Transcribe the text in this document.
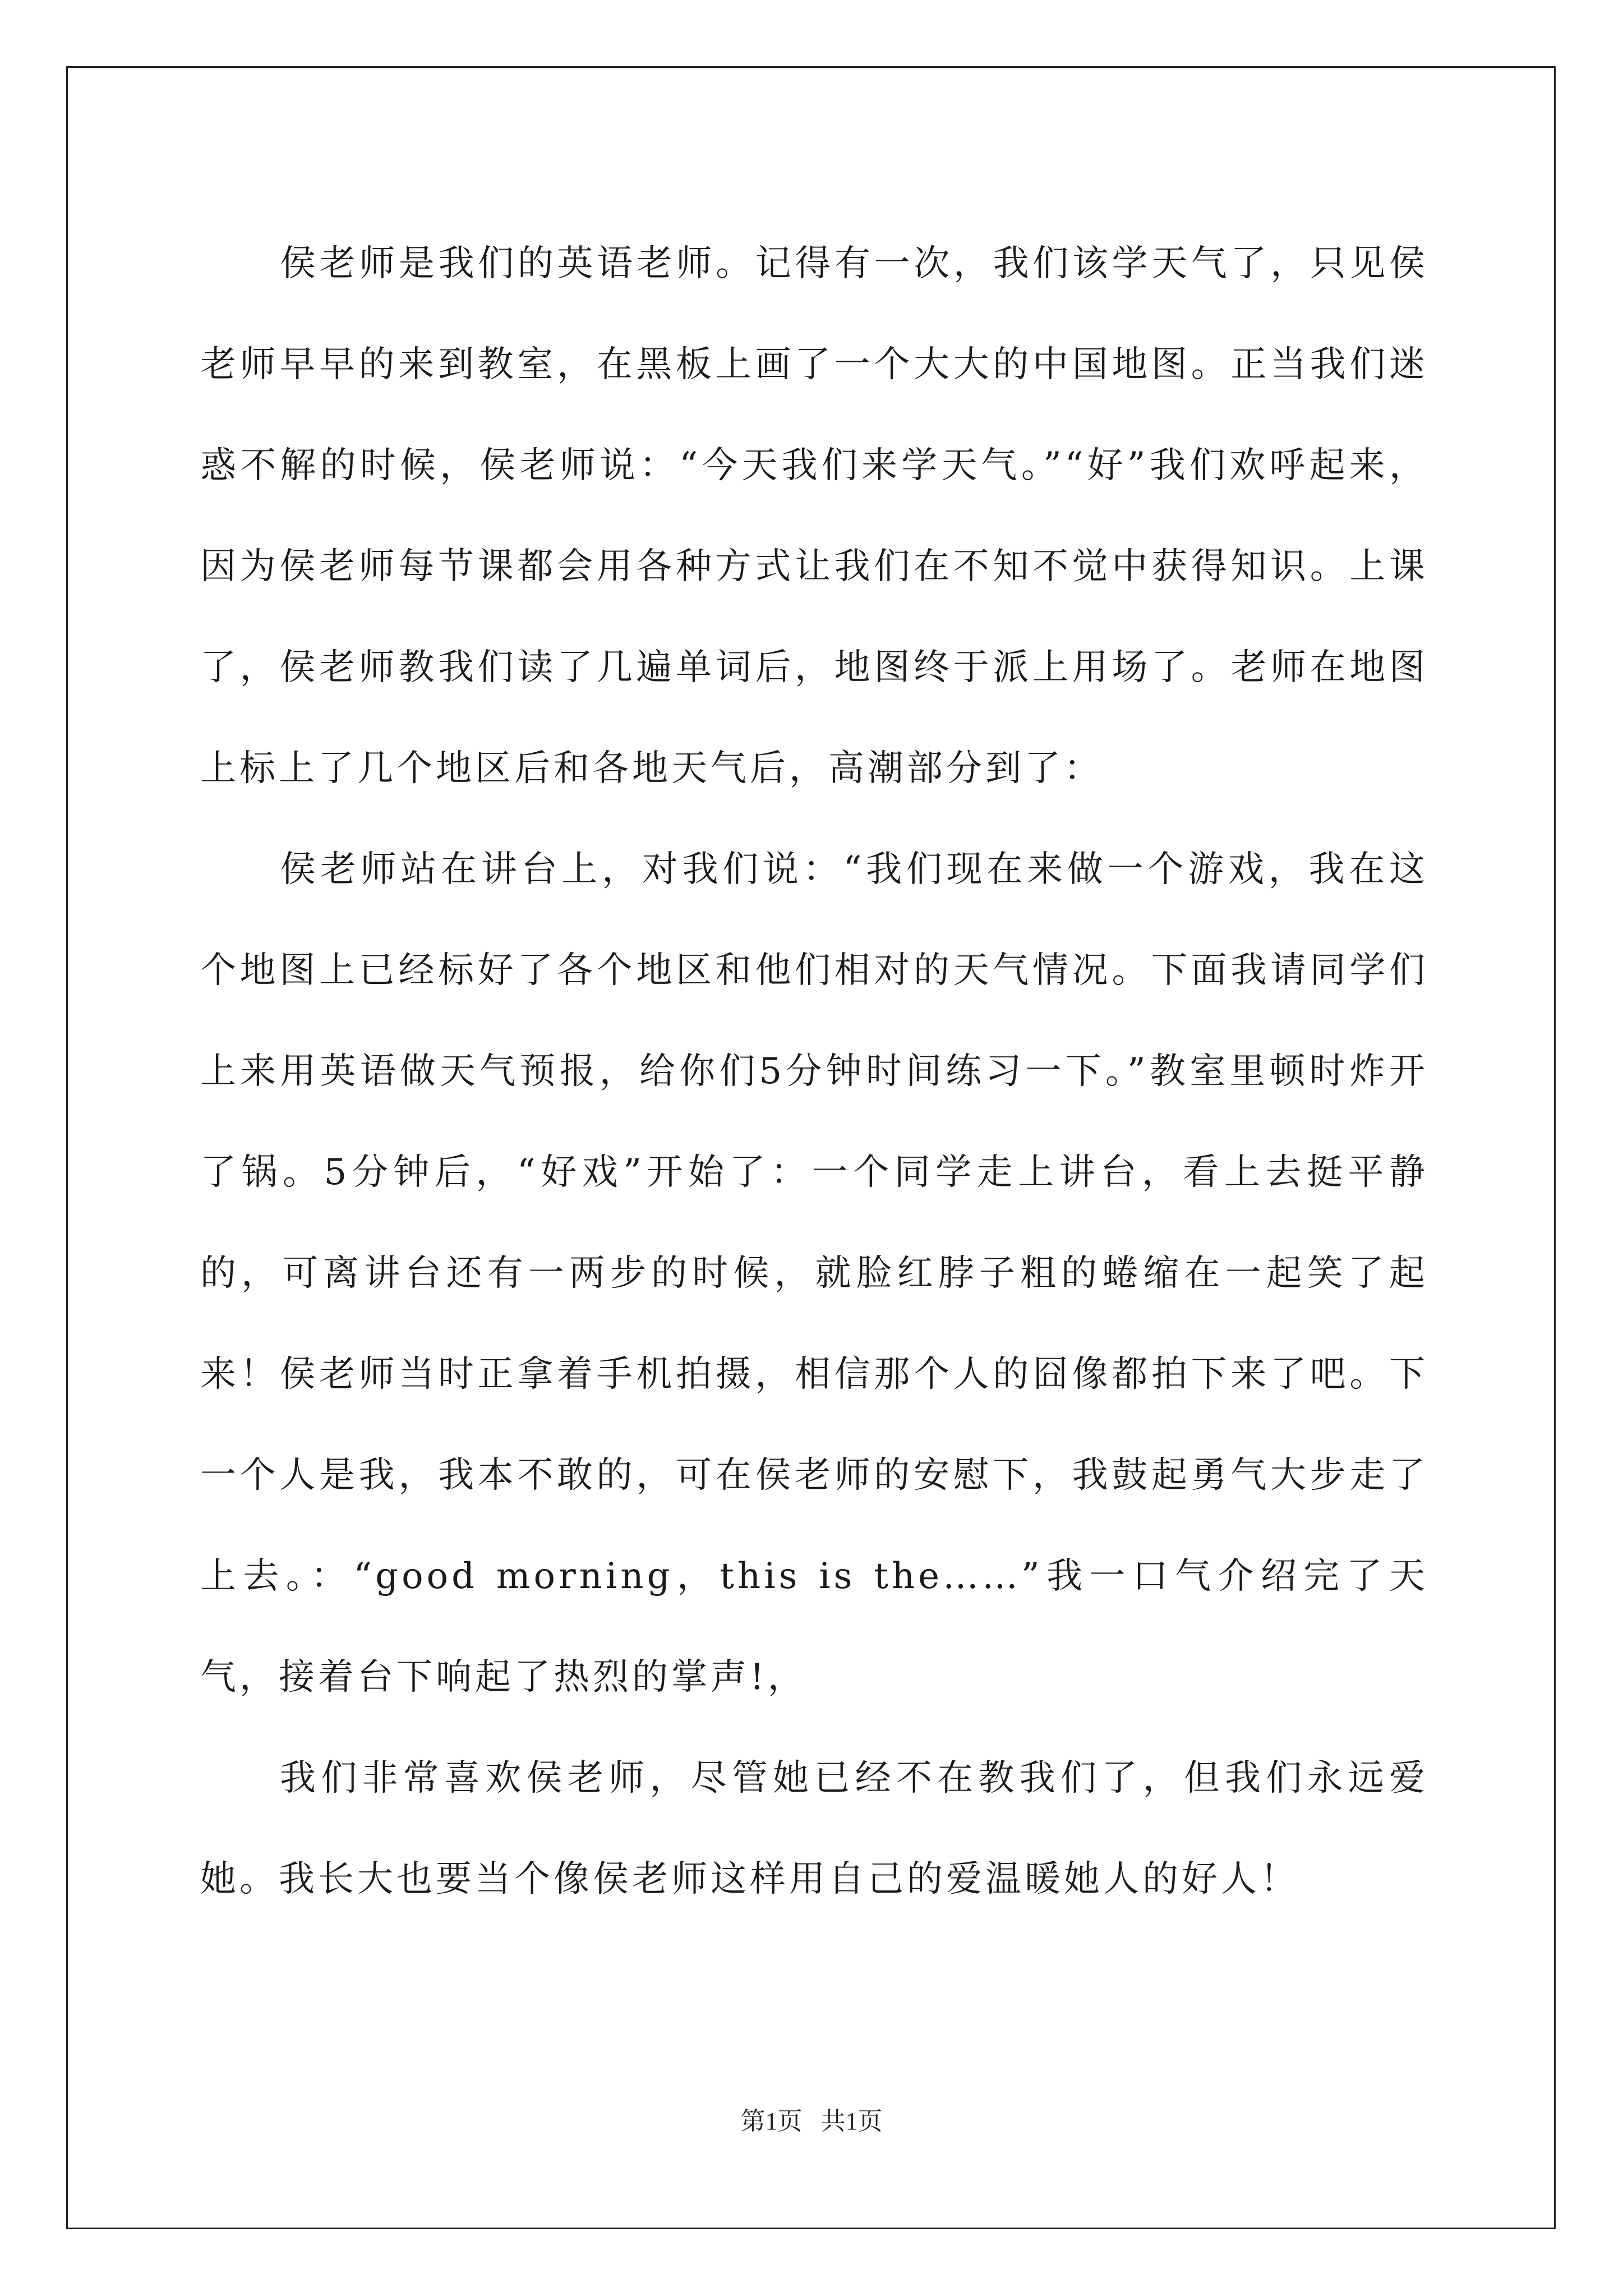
侯老师是我们的英语老师。记得有一次，我们该学天气了，只见侯老师早早的来到教室，在黑板上画了一个大大的中国地图。正当我们迷惑不解的时候，侯老师说：“今天我们来学天气。”“好”我们欢呼起来，因为侯老师每节课都会用各种方式让我们在不知不觉中获得知识。上课了，侯老师教我们读了几遍单词后，地图终于派上用场了。老师在地图上标上了几个地区后和各地天气后，高潮部分到了：

侯老师站在讲台上，对我们说：“我们现在来做一个游戏，我在这个地图上已经标好了各个地区和他们相对的天气情况。下面我请同学们上来用英语做天气预报，给你们5分钟时间练习一下。”教室里顿时炸开了锅。5分钟后，“好戏”开始了：一个同学走上讲台，看上去挺平静的，可离讲台还有一两步的时候，就脸红脖子粗的蜷缩在一起笑了起来！侯老师当时正拿着手机拍摄，相信那个人的囧像都拍下来了吧。下一个人是我，我本不敢的，可在侯老师的安慰下，我鼓起勇气大步走了上去。：“good morning，this is the……”我一口气介绍完了天气，接着台下响起了热烈的掌声!，

我们非常喜欢侯老师，尽管她已经不在教我们了，但我们永远爱她。我长大也要当个像侯老师这样用自己的爱温暖她人的好人！

第1页   共1页
